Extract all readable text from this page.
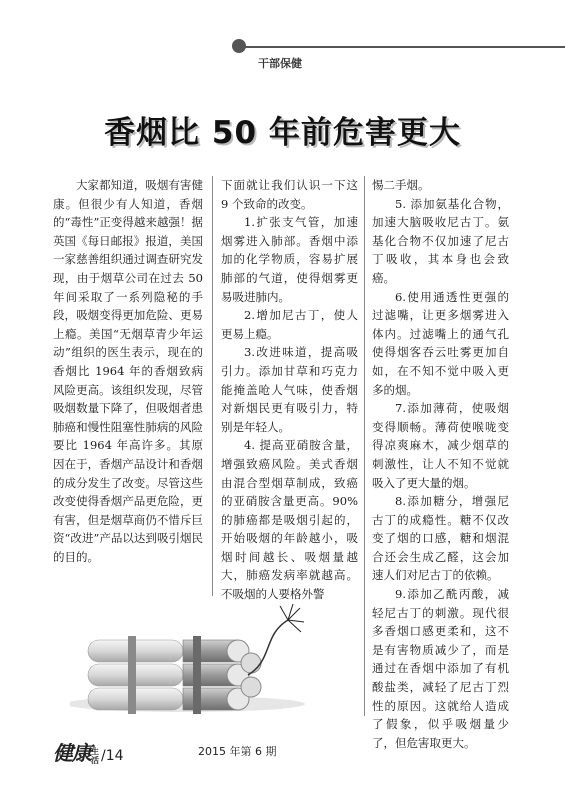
干部保健
香烟比 50 年前危害更大

大家都知道，吸烟有害健康。但很少有人知道，香烟的“毒性”正变得越来越强！据英国《每日邮报》报道，美国一家慈善组织通过调查研究发现，由于烟草公司在过去 50 年间采取了一系列隐秘的手段，吸烟变得更加危险、更易上瘾。美国“无烟草青少年运动”组织的医生表示，现在的香烟比 1964 年的香烟致病风险更高。该组织发现，尽管吸烟数量下降了，但吸烟者患肺癌和慢性阻塞性肺病的风险要比 1964 年高许多。其原因在于，香烟产品设计和香烟的成分发生了改变。尽管这些改变使得香烟产品更危险，更有害，但是烟草商仍不惜斥巨资“改进”产品以达到吸引烟民的目的。

下面就让我们认识一下这 9 个致命的改变。

1.扩张支气管，加速烟雾进入肺部。香烟中添加的化学物质，容易扩展肺部的气道，使得烟雾更易吸进肺内。

2.增加尼古丁，使人更易上瘾。

3.改进味道，提高吸引力。添加甘草和巧克力能掩盖呛人气味，使香烟对新烟民更有吸引力，特别是年轻人。

4. 提高亚硝胺含量，增强致癌风险。美式香烟由混合型烟草制成，致癌的亚硝胺含量更高。90%的肺癌都是吸烟引起的，开始吸烟的年龄越小，吸烟时间越长、吸烟量越大，肺癌发病率就越高。不吸烟的人要格外警

惕二手烟。

5. 添加氨基化合物，加速大脑吸收尼古丁。氨基化合物不仅加速了尼古丁吸收，其本身也会致癌。

6.使用通透性更强的过滤嘴，让更多烟雾进入体内。过滤嘴上的通气孔使得烟客吞云吐雾更加自如，在不知不觉中吸入更多的烟。

7.添加薄荷，使吸烟变得顺畅。薄荷使喉咙变得凉爽麻木，减少烟草的刺激性，让人不知不觉就吸入了更大量的烟。

8.添加糖分，增强尼古丁的成瘾性。糖不仅改变了烟的口感，糖和烟混合还会生成乙醛，这会加速人们对尼古丁的依赖。

9.添加乙酰丙酸，减轻尼古丁的刺激。现代很多香烟口感更柔和，这不是有害物质减少了，而是通过在香烟中添加了有机酸盐类，减轻了尼古丁烈性的原因。这就给人造成了假象，似乎吸烟量少了，但危害取更大。

健康生活 /14	2015 年第 6 期
